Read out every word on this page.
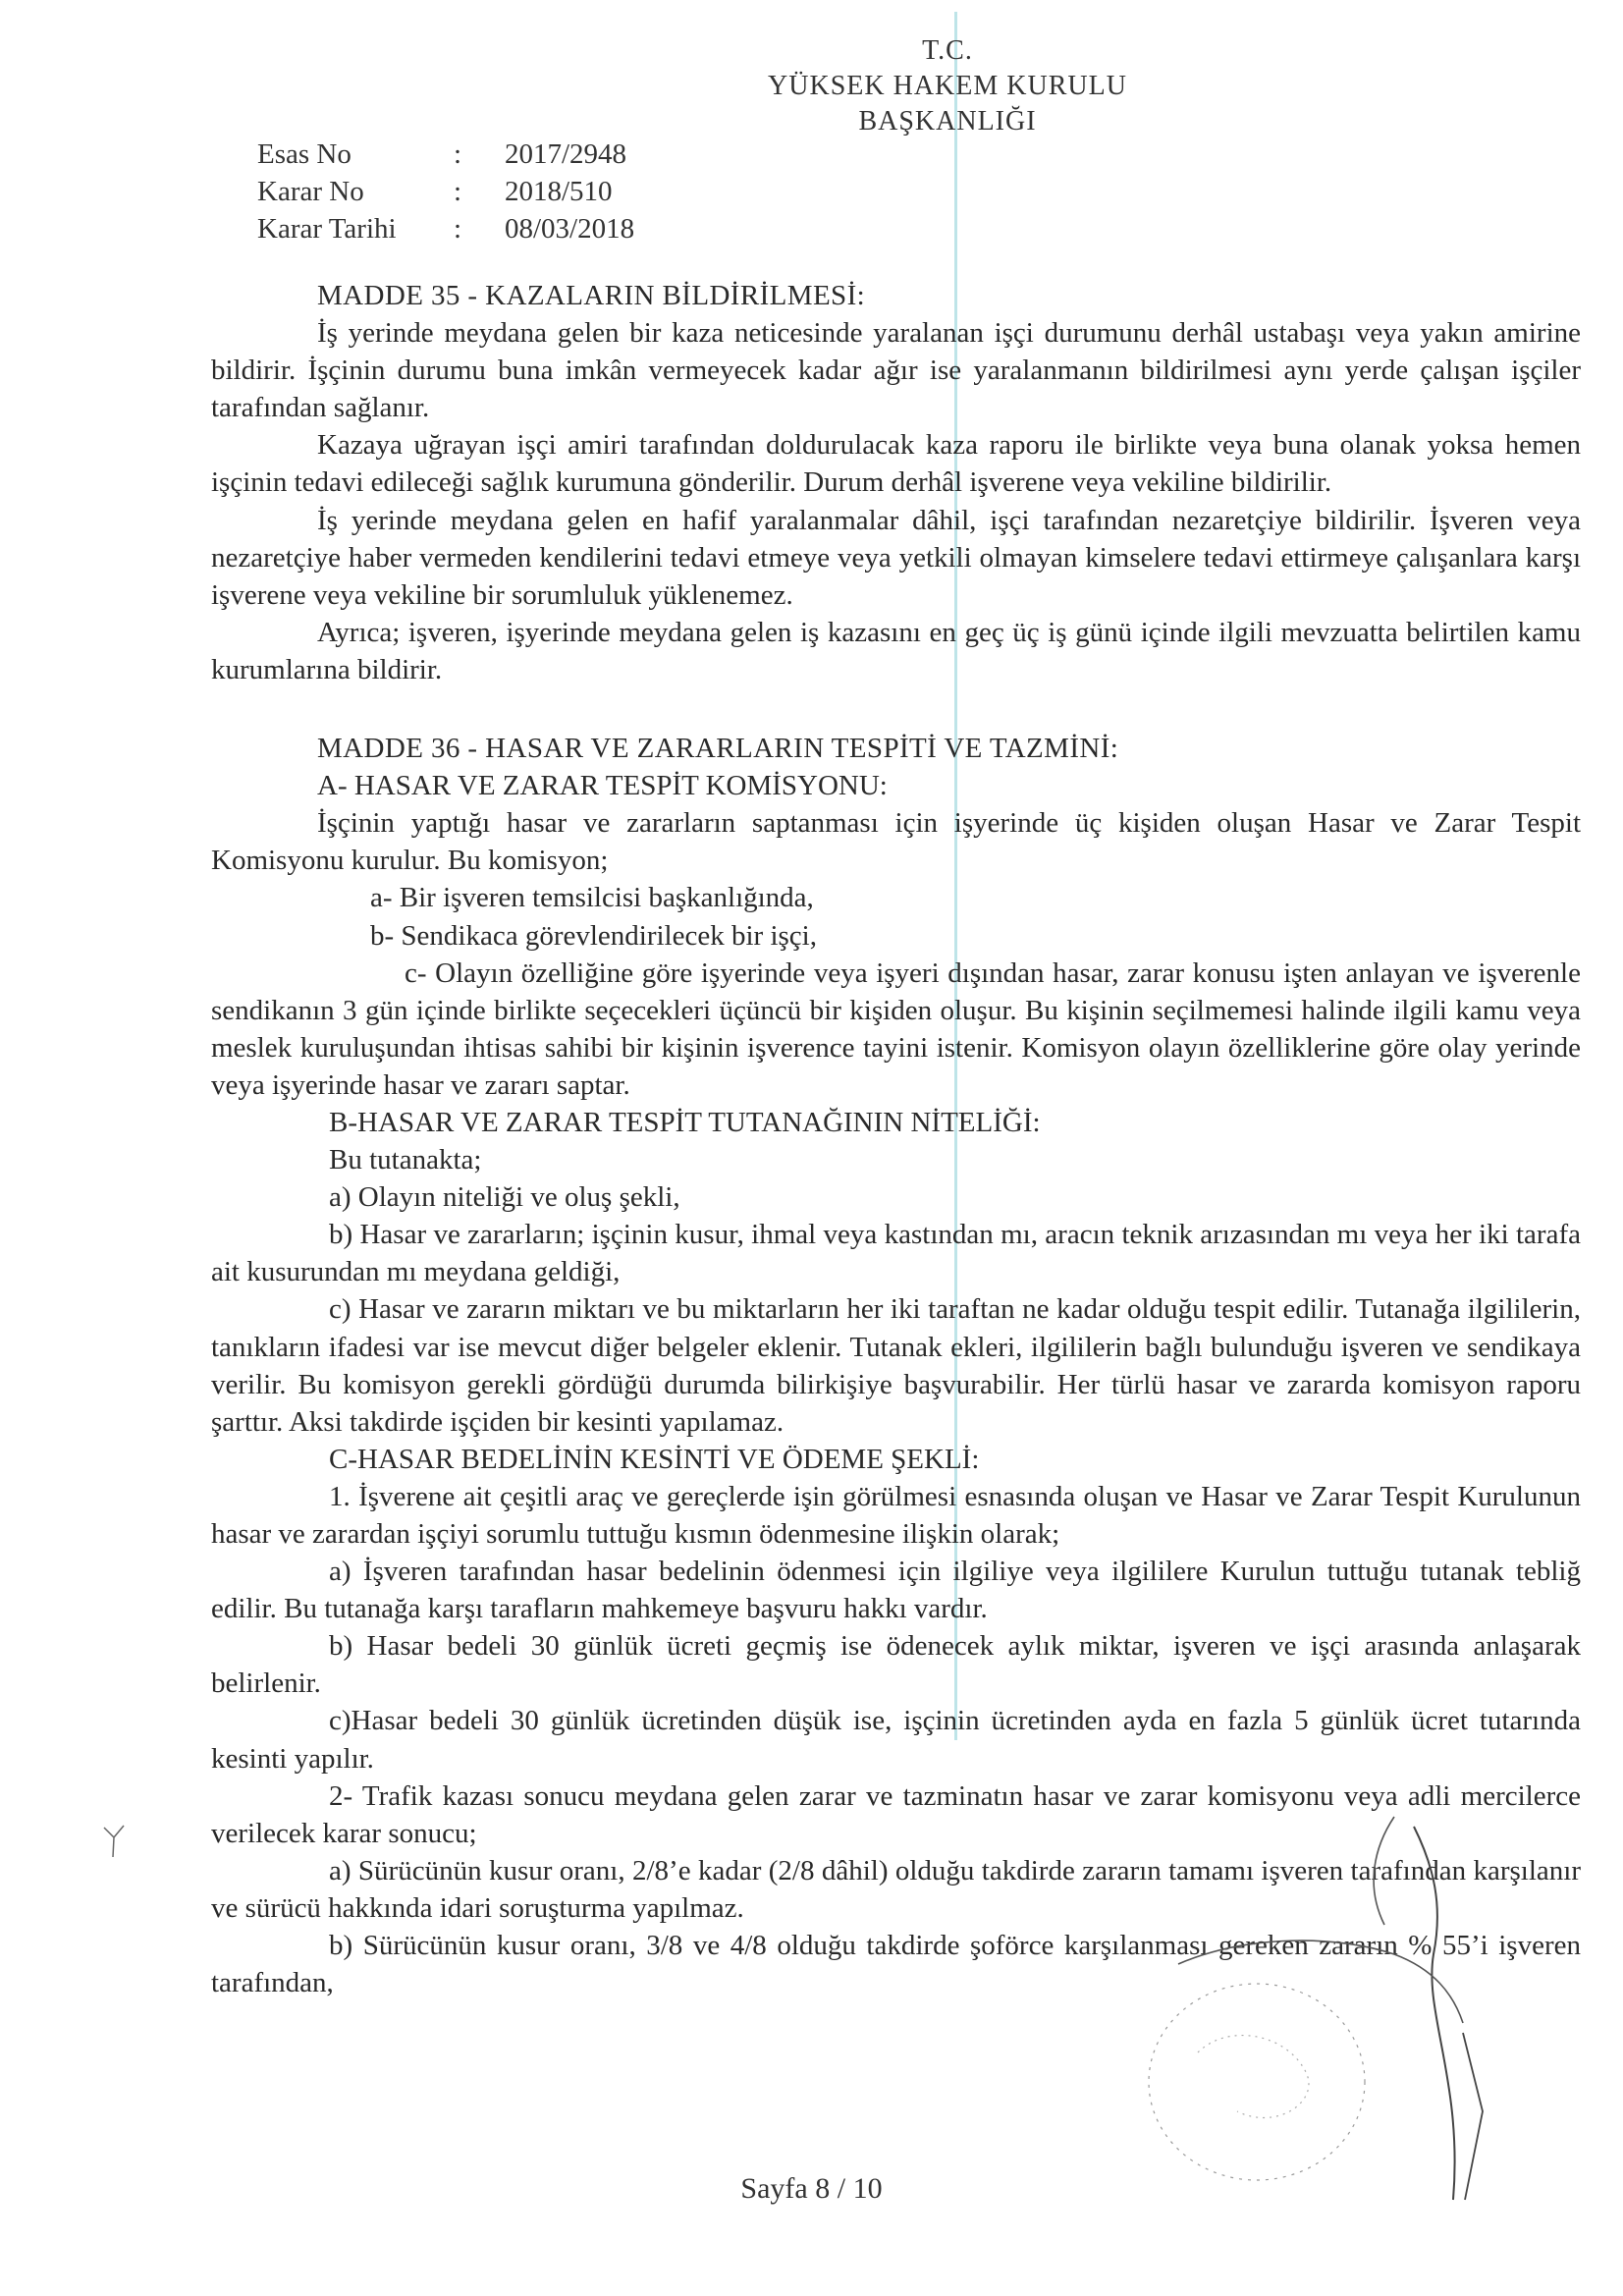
T.C.
YÜKSEK HAKEM KURULU
BAŞKANLIĞI
Esas No	:	2017/2948
Karar No	:	2018/510
Karar Tarihi	:	08/03/2018

MADDE 35 - KAZALARIN BİLDİRİLMESİ:

İş yerinde meydana gelen bir kaza neticesinde yaralanan işçi durumunu derhâl ustabaşı veya yakın amirine bildirir. İşçinin durumu buna imkân vermeyecek kadar ağır ise yaralanmanın bildirilmesi aynı yerde çalışan işçiler tarafından sağlanır.

Kazaya uğrayan işçi amiri tarafından doldurulacak kaza raporu ile birlikte veya buna olanak yoksa hemen işçinin tedavi edileceği sağlık kurumuna gönderilir. Durum derhâl işverene veya vekiline bildirilir.

İş yerinde meydana gelen en hafif yaralanmalar dâhil, işçi tarafından nezaretçiye bildirilir. İşveren veya nezaretçiye haber vermeden kendilerini tedavi etmeye veya yetkili olmayan kimselere tedavi ettirmeye çalışanlara karşı işverene veya vekiline bir sorumluluk yüklenemez.

Ayrıca; işveren, işyerinde meydana gelen iş kazasını en geç üç iş günü içinde ilgili mevzuatta belirtilen kamu kurumlarına bildirir.

MADDE 36 - HASAR VE ZARARLARIN TESPİTİ VE TAZMİNİ:

A- HASAR VE ZARAR TESPİT KOMİSYONU:

İşçinin yaptığı hasar ve zararların saptanması için işyerinde üç kişiden oluşan Hasar ve Zarar Tespit Komisyonu kurulur. Bu komisyon;

a- Bir işveren temsilcisi başkanlığında,

b- Sendikaca görevlendirilecek bir işçi,

c- Olayın özelliğine göre işyerinde veya işyeri dışından hasar, zarar konusu işten anlayan ve işverenle sendikanın 3 gün içinde birlikte seçecekleri üçüncü bir kişiden oluşur. Bu kişinin seçilmemesi halinde ilgili kamu veya meslek kuruluşundan ihtisas sahibi bir kişinin işverence tayini istenir. Komisyon olayın özelliklerine göre olay yerinde veya işyerinde hasar ve zararı saptar.

B-HASAR VE ZARAR TESPİT TUTANAĞININ NİTELİĞİ:

Bu tutanakta;

a) Olayın niteliği ve oluş şekli,

b) Hasar ve zararların; işçinin kusur, ihmal veya kastından mı, aracın teknik arızasından mı veya her iki tarafa ait kusurundan mı meydana geldiği,

c) Hasar ve zararın miktarı ve bu miktarların her iki taraftan ne kadar olduğu tespit edilir. Tutanağa ilgililerin, tanıkların ifadesi var ise mevcut diğer belgeler eklenir. Tutanak ekleri, ilgililerin bağlı bulunduğu işveren ve sendikaya verilir. Bu komisyon gerekli gördüğü durumda bilirkişiye başvurabilir. Her türlü hasar ve zararda komisyon raporu şarttır. Aksi takdirde işçiden bir kesinti yapılamaz.

C-HASAR BEDELİNİN KESİNTİ VE ÖDEME ŞEKLİ:

1. İşverene ait çeşitli araç ve gereçlerde işin görülmesi esnasında oluşan ve Hasar ve Zarar Tespit Kurulunun hasar ve zarardan işçiyi sorumlu tuttuğu kısmın ödenmesine ilişkin olarak;

a) İşveren tarafından hasar bedelinin ödenmesi için ilgiliye veya ilgililere Kurulun tuttuğu tutanak tebliğ edilir. Bu tutanağa karşı tarafların mahkemeye başvuru hakkı vardır.

b) Hasar bedeli 30 günlük ücreti geçmiş ise ödenecek aylık miktar, işveren ve işçi arasında anlaşarak belirlenir.

c)Hasar bedeli 30 günlük ücretinden düşük ise, işçinin ücretinden ayda en fazla 5 günlük ücret tutarında kesinti yapılır.

2- Trafik kazası sonucu meydana gelen zarar ve tazminatın hasar ve zarar komisyonu veya adli mercilerce verilecek karar sonucu;

a) Sürücünün kusur oranı, 2/8’e kadar (2/8 dâhil) olduğu takdirde zararın tamamı işveren tarafından karşılanır ve sürücü hakkında idari soruşturma yapılmaz.

b) Sürücünün kusur oranı, 3/8 ve 4/8 olduğu takdirde şoförce karşılanması gereken zararın % 55’i işveren tarafından,

Sayfa 8 / 10
